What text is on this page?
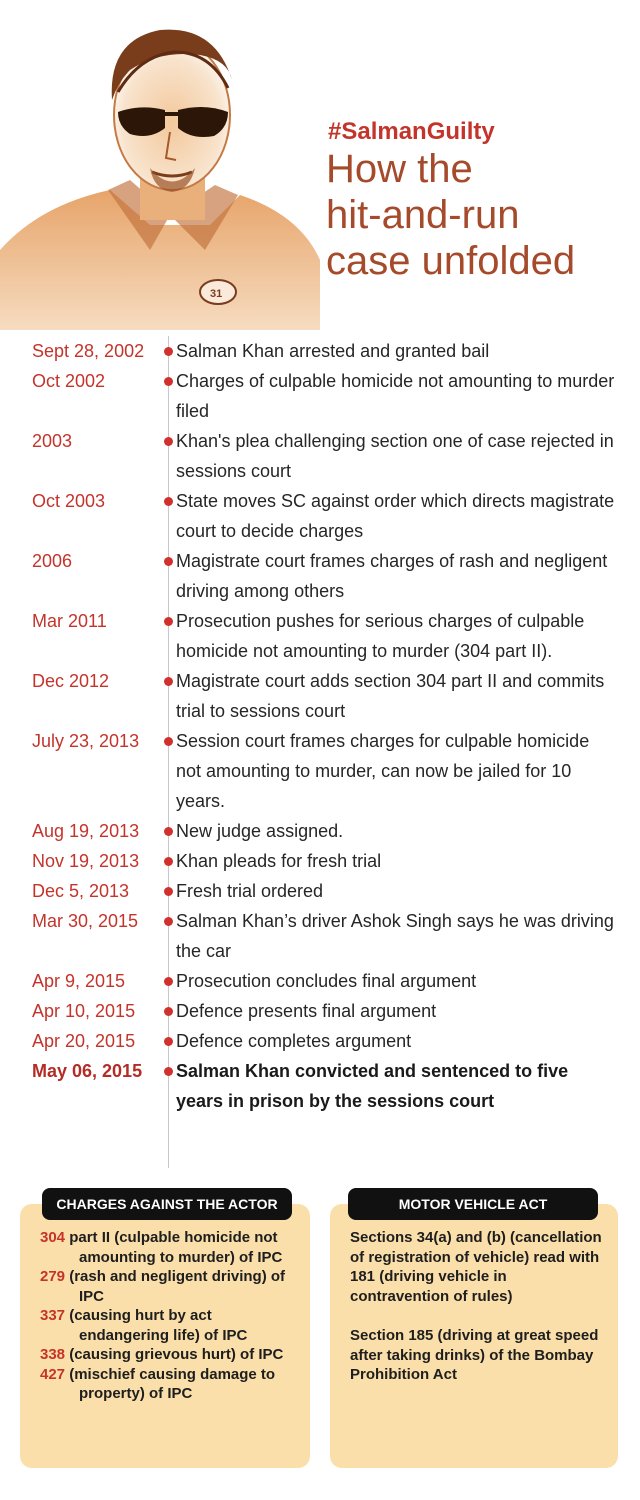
31
#SalmanGuilty
How the
hit-and-run
case unfolded
Sept 28, 2002 Salman Khan arrested and granted bail
Oct 2002	Charges of culpable homicide not amounting to murder filed
2003	Khan's plea challenging section one of case rejected in sessions court
Oct 2003	State moves SC against order which directs magistrate court to decide charges
2006	Magistrate court frames charges of rash and negligent driving among others
Mar 2011	Prosecution pushes for serious charges of culpable homicide not amounting to murder (304 part II).
Dec 2012	Magistrate court adds section 304 part II and commits trial to sessions court
July 23, 2013 Session court frames charges for culpable homicide not amounting to murder, can now be jailed for 10 years.
Aug 19, 2013 New judge assigned.
Nov 19, 2013 Khan pleads for fresh trial
Dec 5, 2013	Fresh trial ordered
Mar 30, 2015 Salman Khan’s driver Ashok Singh says he was driving the car
Apr 9, 2015	Prosecution concludes final argument
Apr 10, 2015 Defence presents final argument
Apr 20, 2015 Defence completes argument
May 06, 2015 Salman Khan convicted and sentenced to five years in prison by the sessions court
CHARGES AGAINST THE ACTOR
304 part II (culpable homicide not amounting to murder) of IPC
279 (rash and negligent driving) of IPC
337 (causing hurt by act endangering life) of IPC
338 (causing grievous hurt) of IPC
427 (mischief causing damage to property) of IPC
MOTOR VEHICLE ACT

Sections 34(a) and (b) (cancellation of registration of vehicle) read with 181 (driving vehicle in contravention of rules)

Section 185 (driving at great speed after taking drinks) of the Bombay Prohibition Act
